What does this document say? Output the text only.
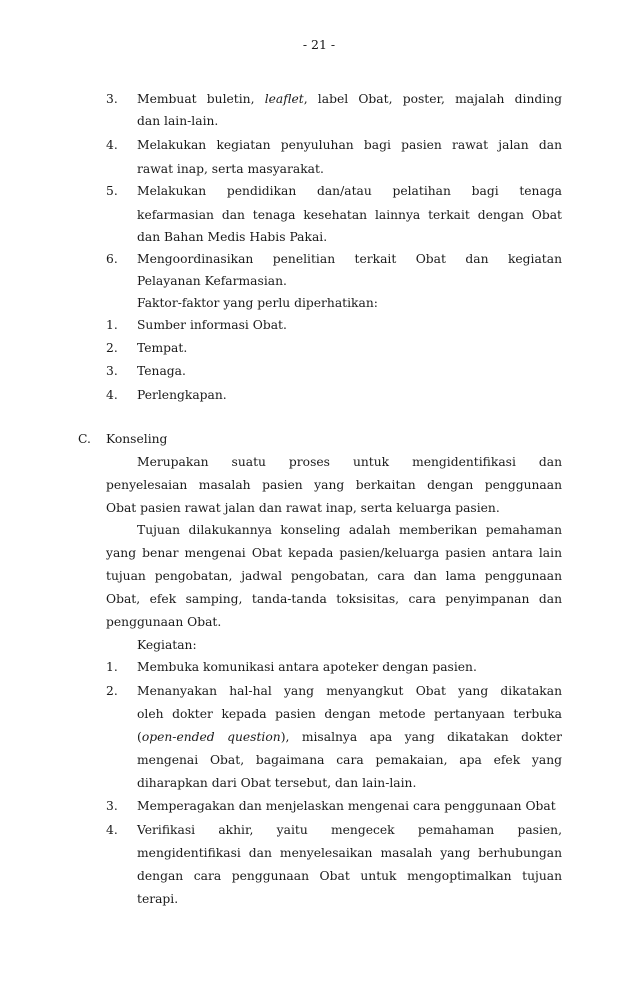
- 21 -
3. Membuat buletin, leaflet, label Obat, poster, majalah dinding
dan lain-lain.
4. Melakukan kegiatan penyuluhan bagi pasien rawat jalan dan
rawat inap, serta masyarakat.
5. Melakukan pendidikan dan/atau pelatihan bagi tenaga
kefarmasian dan tenaga kesehatan lainnya terkait dengan Obat
dan Bahan Medis Habis Pakai.
6. Mengoordinasikan penelitian terkait Obat dan kegiatan
Pelayanan Kefarmasian.
Faktor-faktor yang perlu diperhatikan:
1. Sumber informasi Obat.
2. Tempat.
3. Tenaga.
4. Perlengkapan.
C. Konseling
Merupakan suatu proses untuk mengidentifikasi dan
penyelesaian masalah pasien yang berkaitan dengan penggunaan
Obat pasien rawat jalan dan rawat inap, serta keluarga pasien.
Tujuan dilakukannya konseling adalah memberikan pemahaman
yang benar mengenai Obat kepada pasien/keluarga pasien antara lain
tujuan pengobatan, jadwal pengobatan, cara dan lama penggunaan
Obat, efek samping, tanda-tanda toksisitas, cara penyimpanan dan
penggunaan Obat.
Kegiatan:
1. Membuka komunikasi antara apoteker dengan pasien.
2. Menanyakan hal-hal yang menyangkut Obat yang dikatakan
oleh dokter kepada pasien dengan metode pertanyaan terbuka
(open-ended question), misalnya apa yang dikatakan dokter
mengenai Obat, bagaimana cara pemakaian, apa efek yang
diharapkan dari Obat tersebut, dan lain-lain.
3. Memperagakan dan menjelaskan mengenai cara penggunaan Obat
4. Verifikasi akhir, yaitu mengecek pemahaman pasien,
mengidentifikasi dan menyelesaikan masalah yang berhubungan
dengan cara penggunaan Obat untuk mengoptimalkan tujuan
terapi.
